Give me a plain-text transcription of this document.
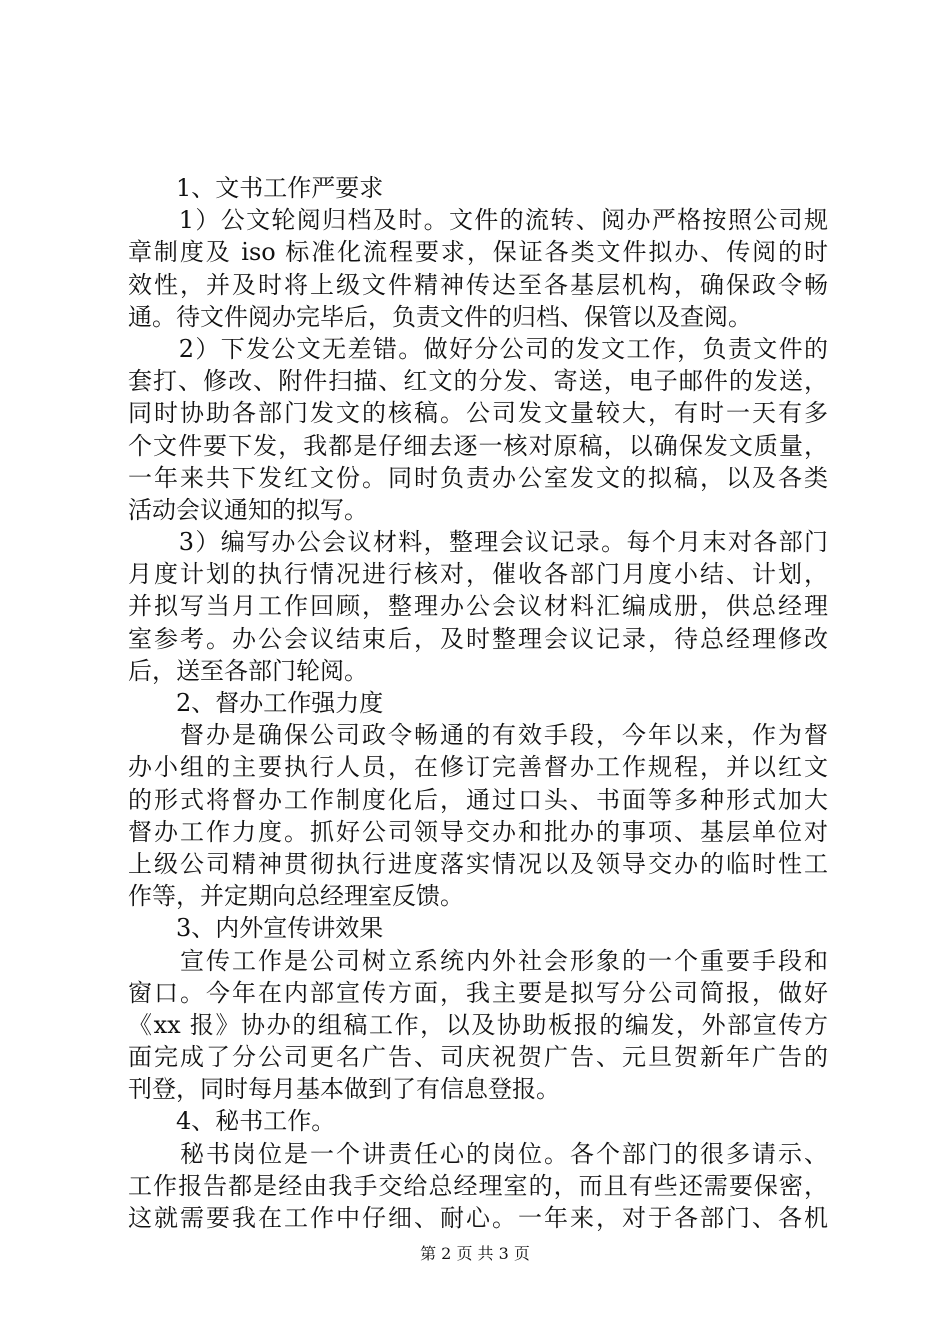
　　1、文书工作严要求
　　1）公文轮阅归档及时。文件的流转、阅办严格按照公司规
章制度及 iso 标准化流程要求，保证各类文件拟办、传阅的时
效性，并及时将上级文件精神传达至各基层机构，确保政令畅
通。待文件阅办完毕后，负责文件的归档、保管以及查阅。
　　2）下发公文无差错。做好分公司的发文工作，负责文件的
套打、修改、附件扫描、红文的分发、寄送，电子邮件的发送，
同时协助各部门发文的核稿。公司发文量较大，有时一天有多
个文件要下发，我都是仔细去逐一核对原稿，以确保发文质量，
一年来共下发红文份。同时负责办公室发文的拟稿，以及各类
活动会议通知的拟写。
　　3）编写办公会议材料，整理会议记录。每个月末对各部门
月度计划的执行情况进行核对，催收各部门月度小结、计划，
并拟写当月工作回顾，整理办公会议材料汇编成册，供总经理
室参考。办公会议结束后，及时整理会议记录，待总经理修改
后，送至各部门轮阅。
　　2、督办工作强力度
　　督办是确保公司政令畅通的有效手段，今年以来，作为督
办小组的主要执行人员，在修订完善督办工作规程，并以红文
的形式将督办工作制度化后，通过口头、书面等多种形式加大
督办工作力度。抓好公司领导交办和批办的事项、基层单位对
上级公司精神贯彻执行进度落实情况以及领导交办的临时性工
作等，并定期向总经理室反馈。
　　3、内外宣传讲效果
　　宣传工作是公司树立系统内外社会形象的一个重要手段和
窗口。今年在内部宣传方面，我主要是拟写分公司简报，做好
《xx 报》协办的组稿工作，以及协助板报的编发，外部宣传方
面完成了分公司更名广告、司庆祝贺广告、元旦贺新年广告的
刊登，同时每月基本做到了有信息登报。
　　4、秘书工作。
　　秘书岗位是一个讲责任心的岗位。各个部门的很多请示、
工作报告都是经由我手交给总经理室的，而且有些还需要保密，
这就需要我在工作中仔细、耐心。一年来，对于各部门、各机
第 2 页 共 3 页
